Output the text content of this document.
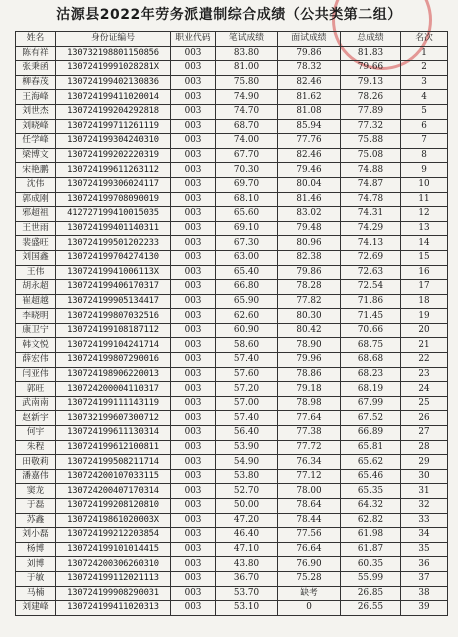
沽源县2022年劳务派遣制综合成绩（公共类第二组）
姓名	身份证编号	职业代码	笔试成绩	面试成绩	总成绩	名次
陈有祥	130732198801150856	003	83.80	79.86	81.83	1
张秉函	13072419991028281X	003	81.00	78.32	79.66	2
柳春茂	130724199402130836	003	75.80	82.46	79.13	3
王海峰	130724199411020014	003	74.90	81.62	78.26	4
刘世杰	130724199204292818	003	74.70	81.08	77.89	5
刘晓峰	130724199711261119	003	68.70	85.94	77.32	6
任学峰	130724199304240310	003	74.00	77.76	75.88	7
梁博文	130724199202220319	003	67.70	82.46	75.08	8
宋艳鹏	130724199611263112	003	70.30	79.46	74.88	9
沈伟	130724199306024117	003	69.70	80.04	74.87	10
郭成刚	130724199708090019	003	68.10	81.46	74.78	11
邪超祖	412727199410015035	003	65.60	83.02	74.31	12
王世雨	130724199401140311	003	69.10	79.48	74.29	13
裴盛旺	130724199501202233	003	67.30	80.96	74.13	14
刘国鑫	130724199704274130	003	63.00	82.38	72.69	15
王伟	13072419941006113X	003	65.40	79.86	72.63	16
胡永超	130724199406170317	003	66.80	78.28	72.54	17
崔超越	130724199905134417	003	65.90	77.82	71.86	18
李晓明	130724199807032516	003	62.60	80.30	71.45	19
康卫宁	130724199108187112	003	60.90	80.42	70.66	20
韩文悦	130724199104241714	003	58.60	78.90	68.75	21
薛宏伟	130724199807290016	003	57.40	79.96	68.68	22
闫亚伟	130724198906220013	003	57.60	78.86	68.23	23
郭旺	130724200004110317	003	57.20	79.18	68.19	24
武南南	130724199111143119	003	57.00	78.98	67.99	25
赵新宇	130732199607300712	003	57.40	77.64	67.52	26
何宇	130724199611130314	003	56.40	77.38	66.89	27
朱程	130724199612100811	003	53.90	77.72	65.81	28
田敬莉	130724199508211714	003	54.90	76.34	65.62	29
潘嘉伟	130724200107033115	003	53.80	77.12	65.46	30
窦龙	130724200407170314	003	52.70	78.00	65.35	31
于磊	130724199208120810	003	50.00	78.64	64.32	32
苏鑫	13072419861020003X	003	47.20	78.44	62.82	33
刘小磊	130724199212203854	003	46.40	77.56	61.98	34
杨博	130724199101014415	003	47.10	76.64	61.87	35
刘博	130724200306260310	003	43.80	76.90	60.35	36
于敏	130724199112021113	003	36.70	75.28	55.99	37
马楠	130724199908290031	003	53.70	缺考	26.85	38
刘建峰	130724199411020313	003	53.10	0	26.55	39
